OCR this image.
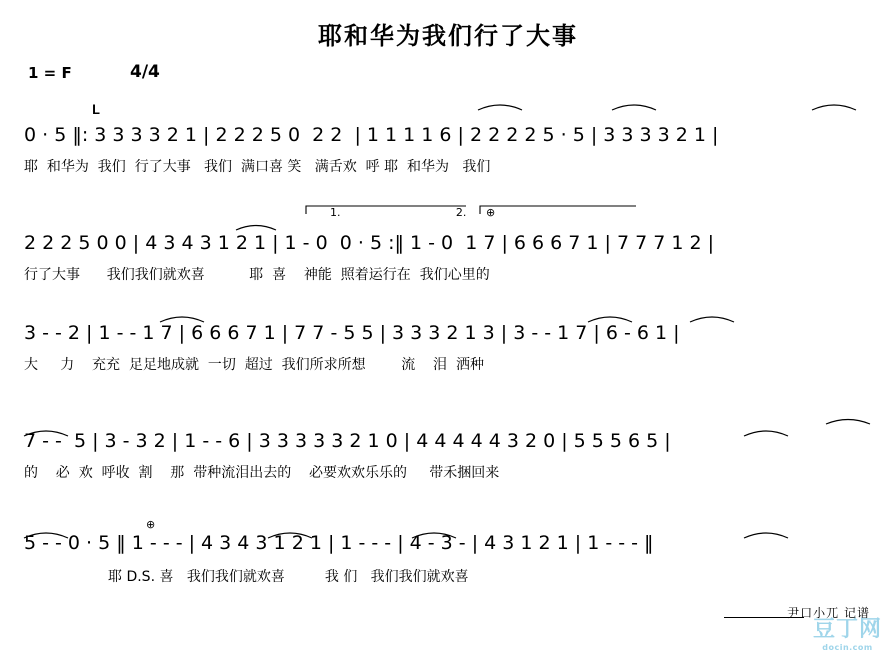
耶和华为我们行了大事
1 = F	4/4
0 · 5 ‖: 3 3 3 3 2 1 | 2 2 2 5 0  2 2  | 1 1 1 1 6 | 2 2 2 2 5 · 5 | 3 3 3 3 2 1 |
耶  和华为  我们  行了大事   我们  满口喜 笑   满舌欢  呼 耶  和华为   我们
1.                                 2.
2 2 2 5 0 0 | 4 3 4 3 1 2 1 | 1 - 0  0 · 5 :‖ 1 - 0  1 7 | 6 6 6 7 1 | 7 7 7 1 2 |
行了大事      我们我们就欢喜          耶  喜    神能  照着运行在  我们心里的
3 - - 2 | 1 - - 1 7 | 6 6 6 7 1 | 7 7 - 5 5 | 3 3 3 2 1 3 | 3 - - 1 7 | 6 - 6 1 |
大     力    充充  足足地成就  一切  超过  我们所求所想        流    泪  洒种
7 - -  5 | 3 - 3 2 | 1 - - 6 | 3 3 3 3 3 2 1 0 | 4 4 4 4 4 3 2 0 | 5 5 5 6 5 |
的    必  欢  呼收  割    那  带种流泪出去的    必要欢欢乐乐的     带禾捆回来
5 - - 0 · 5 ‖ 1 - - - | 4 3 4 3 1 2 1 | 1 - - - | 4 - 3 - | 4 3 1 2 1 | 1 - - - ‖
耶 D.S. 喜   我们我们就欢喜         我 们   我们我们就欢喜
𝐋
⊕
⊕
尹口小兀 记谱
豆丁网
docin.com
